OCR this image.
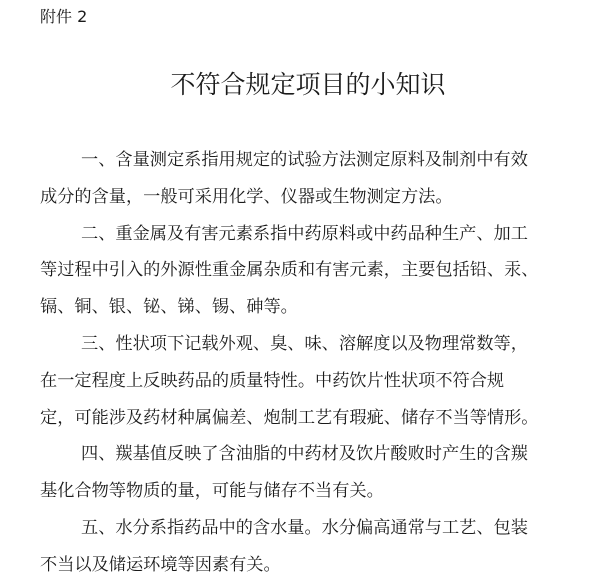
附件 2
不符合规定项目的小知识
一、含量测定系指用规定的试验方法测定原料及制剂中有效
成分的含量，一般可采用化学、仪器或生物测定方法。
二、重金属及有害元素系指中药原料或中药品种生产、加工
等过程中引入的外源性重金属杂质和有害元素，主要包括铅、汞、
镉、铜、银、铋、锑、锡、砷等。
三、性状项下记载外观、臭、味、溶解度以及物理常数等，
在一定程度上反映药品的质量特性。中药饮片性状项不符合规
定，可能涉及药材种属偏差、炮制工艺有瑕疵、储存不当等情形。
四、羰基值反映了含油脂的中药材及饮片酸败时产生的含羰
基化合物等物质的量，可能与储存不当有关。
五、水分系指药品中的含水量。水分偏高通常与工艺、包装
不当以及储运环境等因素有关。
